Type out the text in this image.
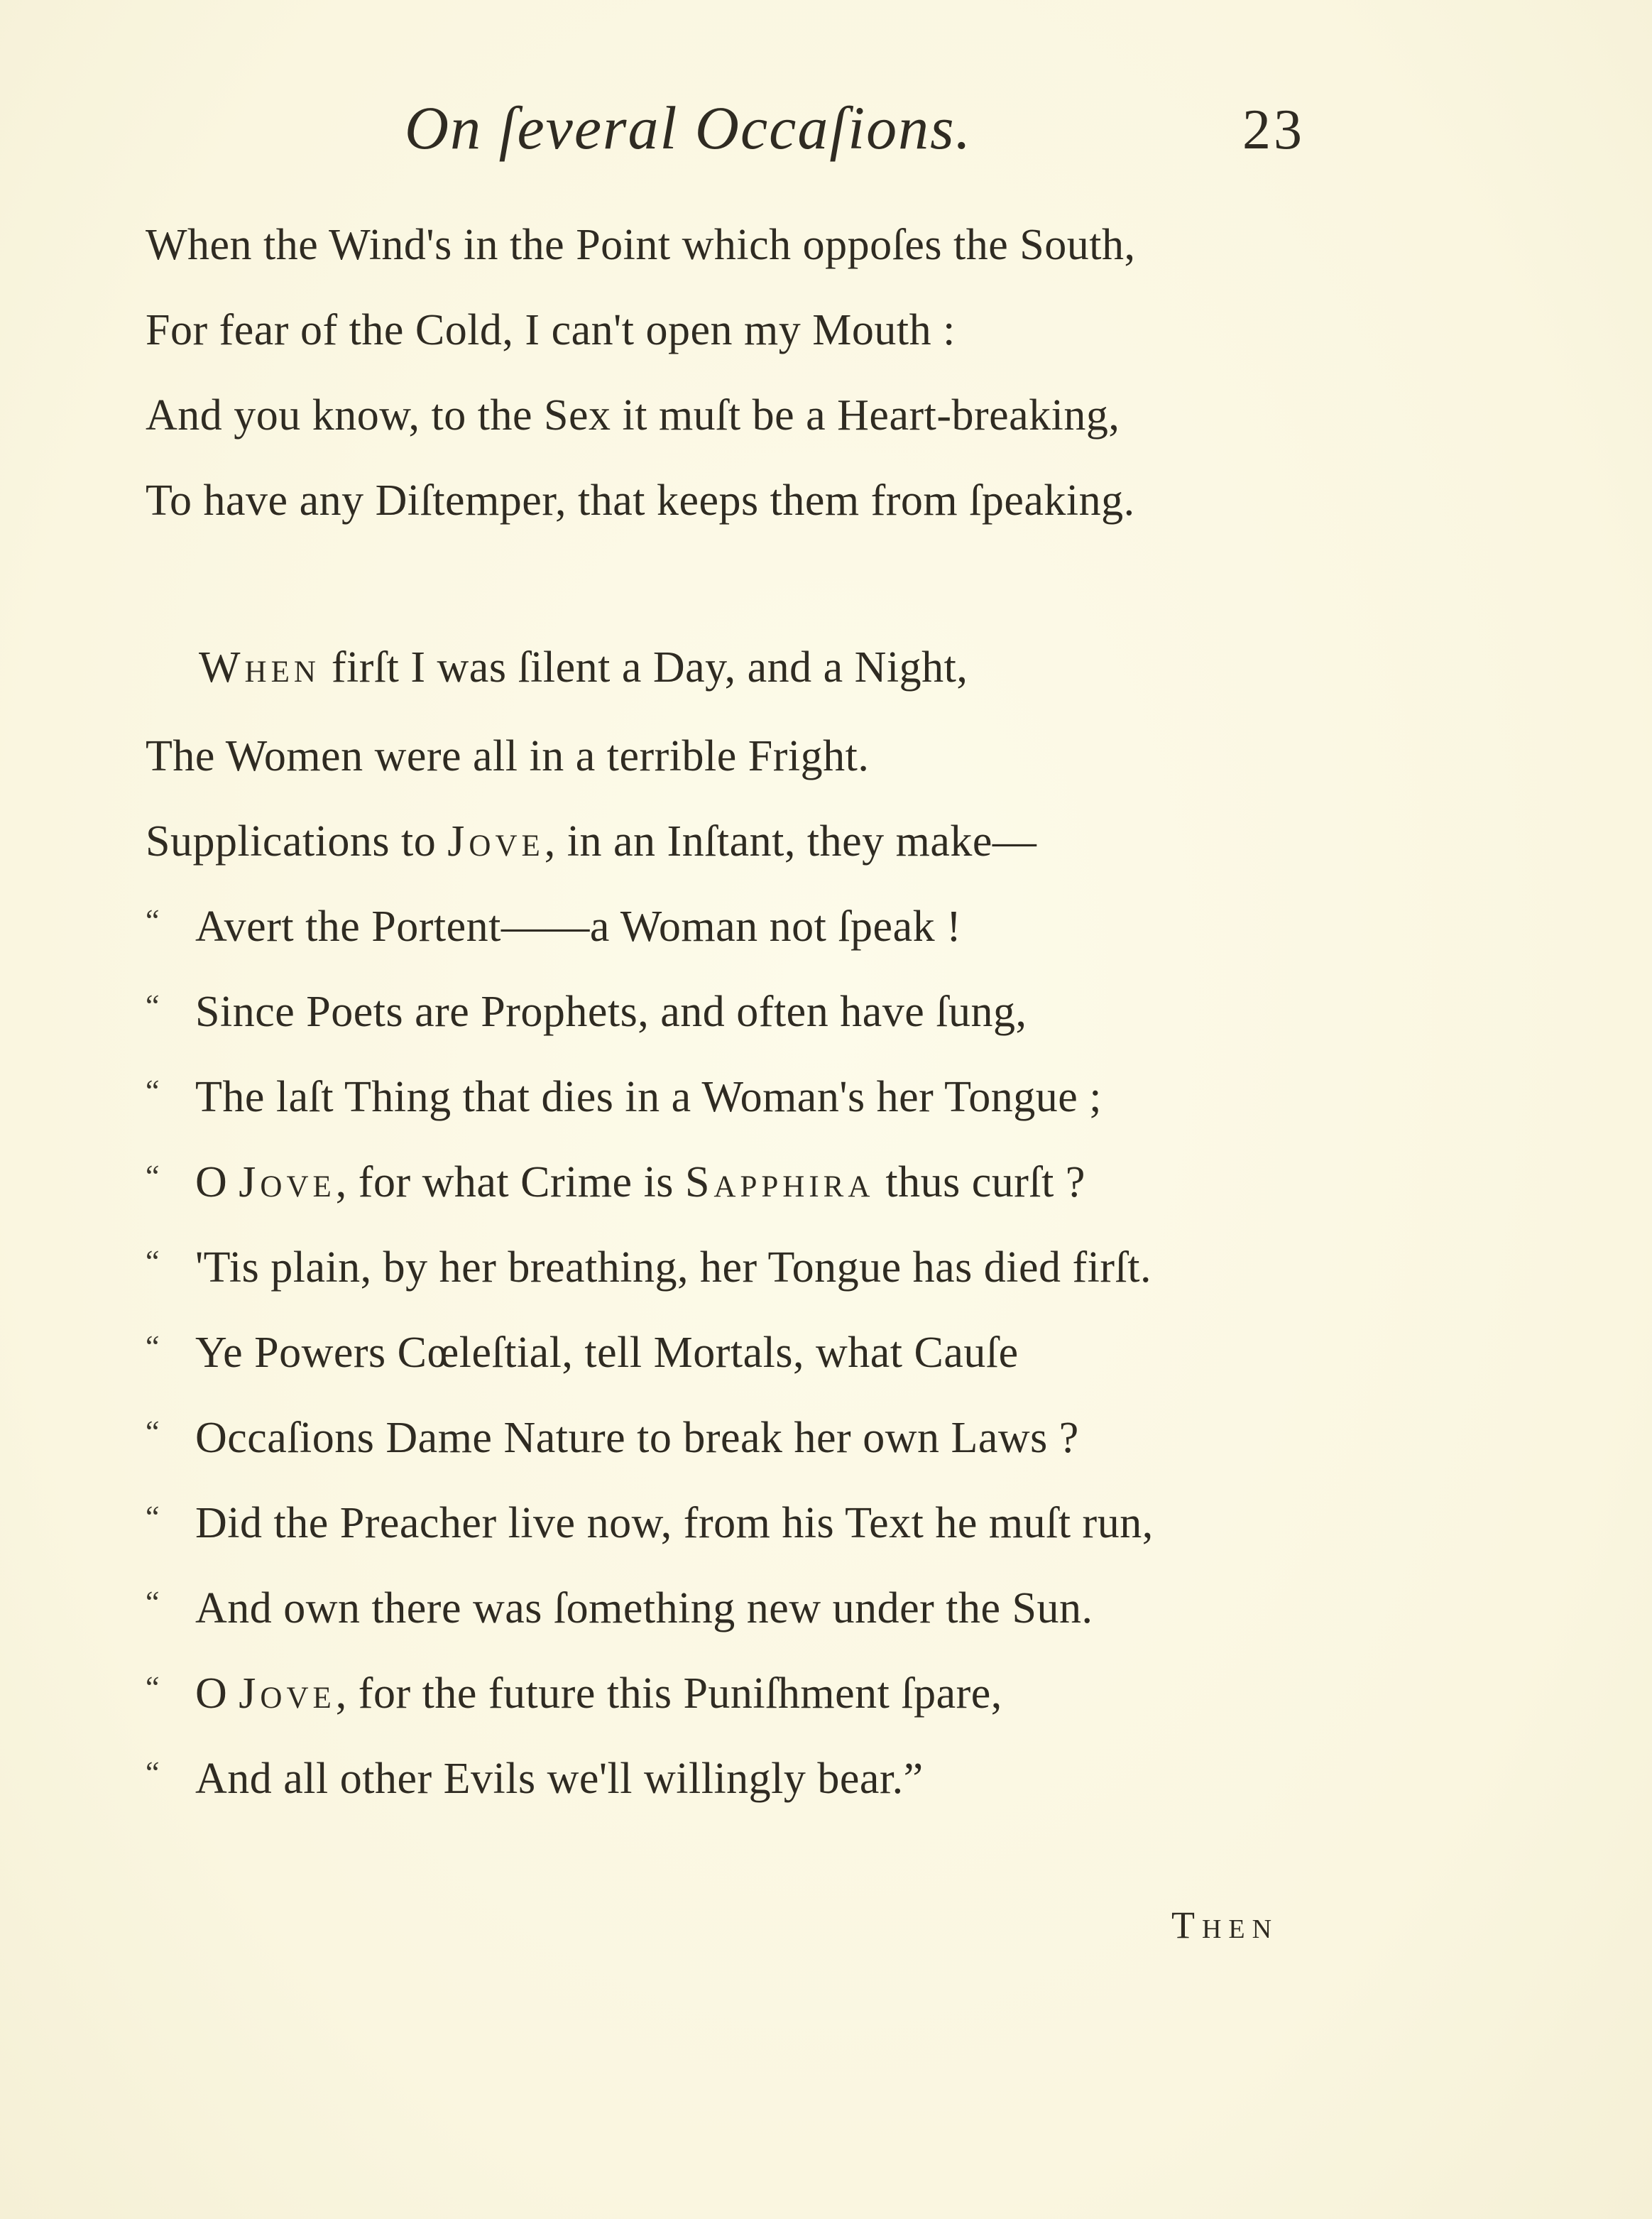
On ſeveral Occaſions.	23
When the Wind's in the Point which oppoſes the South,
For fear of the Cold, I can't open my Mouth :
And you know, to the Sex it muſt be a Heart-breaking,
To have any Diſtemper, that keeps them from ſpeaking.
When firſt I was ſilent a Day, and a Night,
The Women were all in a terrible Fright.
Supplications to Jove, in an Inſtant, they make—
“ Avert the Portent——a Woman not ſpeak !
“ Since Poets are Prophets, and often have ſung,
“ The laſt Thing that dies in a Woman's her Tongue ;
“ O Jove, for what Crime is Sapphira thus curſt ?
“ 'Tis plain, by her breathing, her Tongue has died firſt.
“ Ye Powers Cœleſtial, tell Mortals, what Cauſe
“ Occaſions Dame Nature to break her own Laws ?
“ Did the Preacher live now, from his Text he muſt run,
“ And own there was ſomething new under the Sun.
“ O Jove, for the future this Puniſhment ſpare,
“ And all other Evils we'll willingly bear.”
Then
